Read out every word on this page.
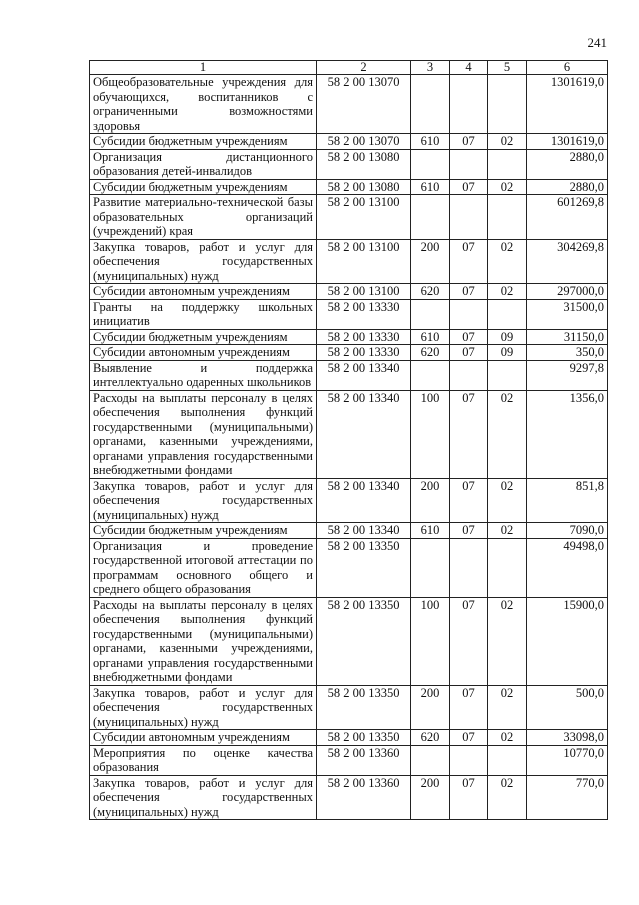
241
1	2	3	4	5	6
Общеобразовательные учреждения для обучающихся, воспитанников с ограниченными возможностями здоровья	58 2 00 13070				1301619,0
Субсидии бюджетным учреждениям	58 2 00 13070	610	07	02	1301619,0
Организация дистанционного образования детей-инвалидов	58 2 00 13080				2880,0
Субсидии бюджетным учреждениям	58 2 00 13080	610	07	02	2880,0
Развитие материально-технической базы образовательных организаций (учреждений) края	58 2 00 13100				601269,8
Закупка товаров, работ и услуг для обеспечения государственных (муниципальных) нужд	58 2 00 13100	200	07	02	304269,8
Субсидии автономным учреждениям	58 2 00 13100	620	07	02	297000,0
Гранты на поддержку школьных инициатив	58 2 00 13330				31500,0
Субсидии бюджетным учреждениям	58 2 00 13330	610	07	09	31150,0
Субсидии автономным учреждениям	58 2 00 13330	620	07	09	350,0
Выявление и поддержка интеллектуально одаренных школьников	58 2 00 13340				9297,8
Расходы на выплаты персоналу в целях обеспечения выполнения функций государственными (муниципальными) органами, казенными учреждениями, органами управления государственными внебюджетными фондами	58 2 00 13340	100	07	02	1356,0
Закупка товаров, работ и услуг для обеспечения государственных (муниципальных) нужд	58 2 00 13340	200	07	02	851,8
Субсидии бюджетным учреждениям	58 2 00 13340	610	07	02	7090,0
Организация и проведение государственной итоговой аттестации по программам основного общего и среднего общего образования	58 2 00 13350				49498,0
Расходы на выплаты персоналу в целях обеспечения выполнения функций государственными (муниципальными) органами, казенными учреждениями, органами управления государственными внебюджетными фондами	58 2 00 13350	100	07	02	15900,0
Закупка товаров, работ и услуг для обеспечения государственных (муниципальных) нужд	58 2 00 13350	200	07	02	500,0
Субсидии автономным учреждениям	58 2 00 13350	620	07	02	33098,0
Мероприятия по оценке качества образования	58 2 00 13360				10770,0
Закупка товаров, работ и услуг для обеспечения государственных (муниципальных) нужд	58 2 00 13360	200	07	02	770,0
